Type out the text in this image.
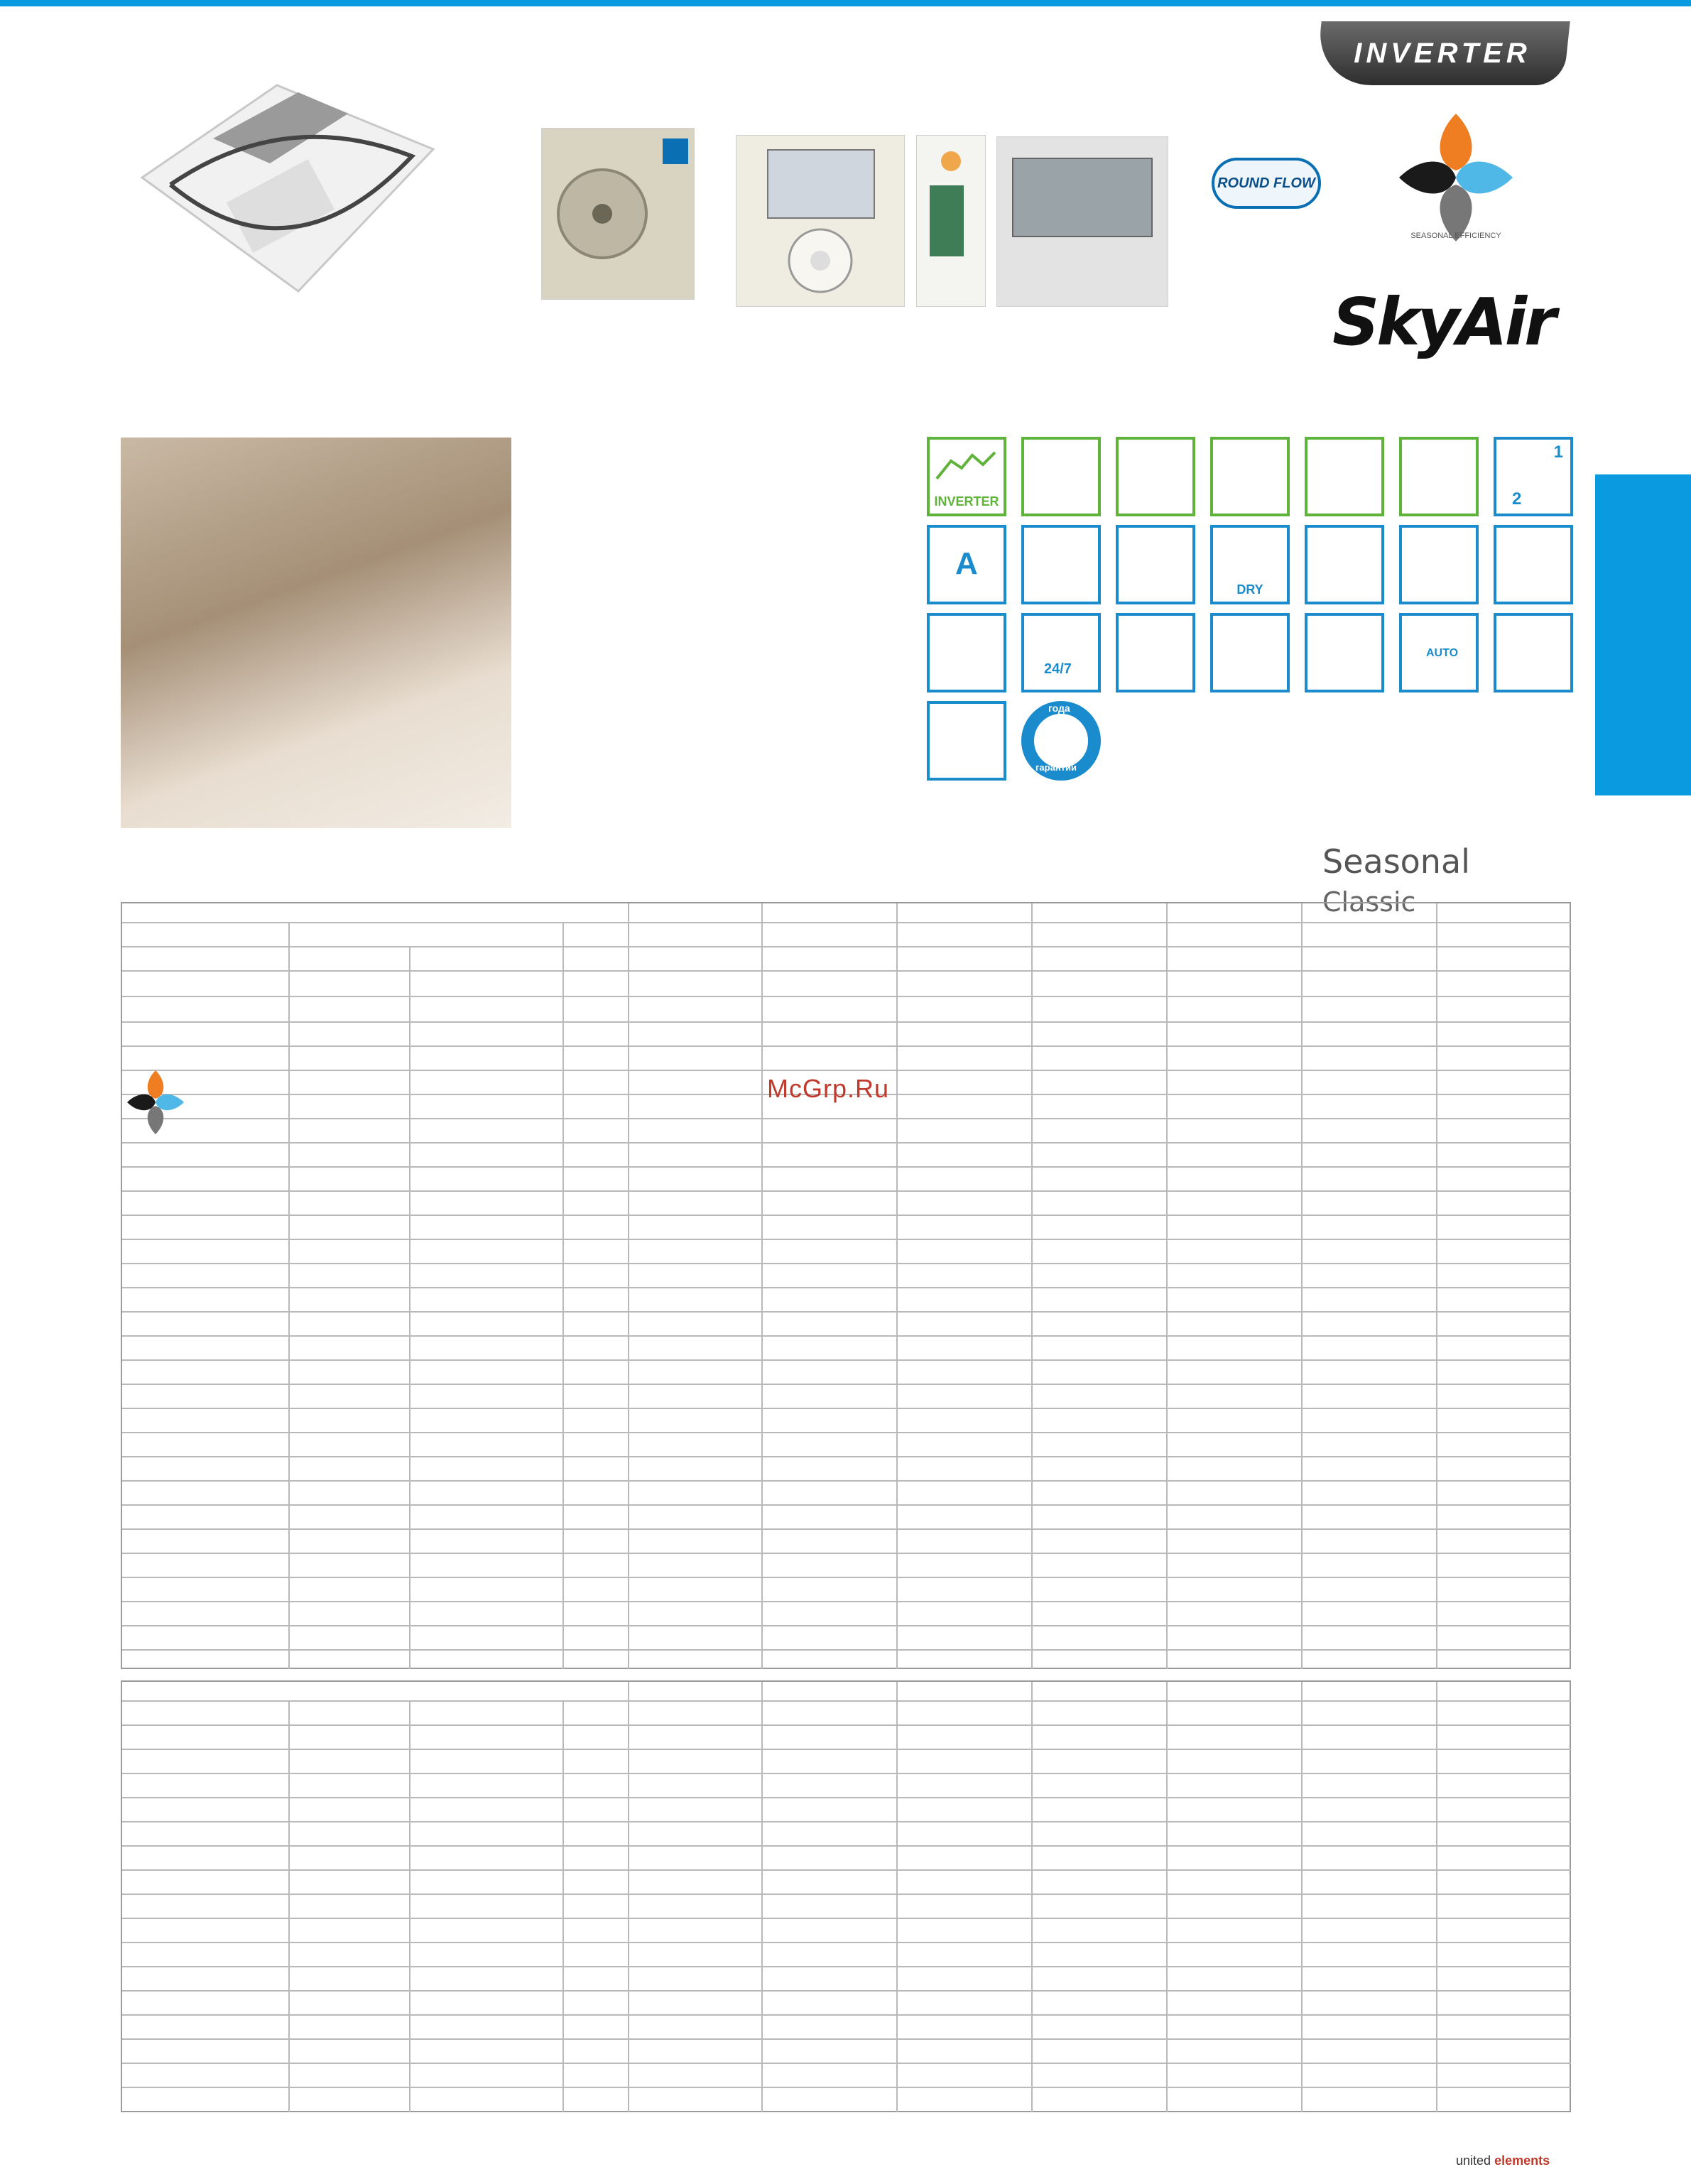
INVERTER
ROUND FLOW
SEASONAL EFFICIENCY
SkyAir
INVERTER
1
2
A
DRY
24/7
AUTO
года
гарантии
Seasonal Classic
McGrp.Ru
united elements
